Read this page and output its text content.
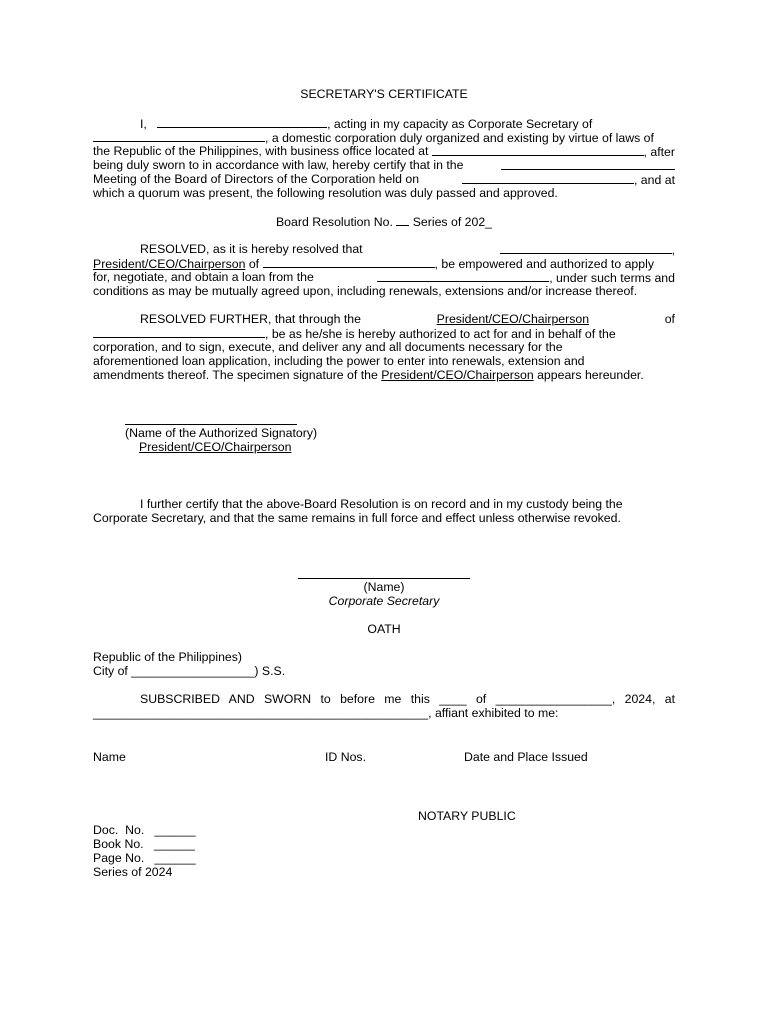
SECRETARY'S CERTIFICATE
I,	, acting in my capacity as Corporate Secretary of
, a domestic corporation duly organized and existing by virtue of laws of
the Republic of the Philippines, with business office located at	, after
being duly sworn to in accordance with law, hereby certify that in the
Meeting of the Board of Directors of the Corporation held on	, and at
which a quorum was present, the following resolution was duly passed and approved.
Board Resolution No. Series of 202_
RESOLVED, as it is hereby resolved that	,
President/CEO/Chairperson of	, be empowered and authorized to apply
for, negotiate, and obtain a loan from the	, under such terms and
conditions as may be mutually agreed upon, including renewals, extensions and/or increase thereof.
RESOLVED FURTHER, that through the	President/CEO/Chairperson	of
, be as he/she is hereby authorized to act for and in behalf of the
corporation, and to sign, execute, and deliver any and all documents necessary for the
aforementioned loan application, including the power to enter into renewals, extension and
amendments thereof. The specimen signature of the President/CEO/Chairperson appears hereunder.
(Name of the Authorized Signatory)
President/CEO/Chairperson
I further certify that the above-Board Resolution is on record and in my custody being the
Corporate Secretary, and that the same remains in full force and effect unless otherwise revoked.
(Name)
Corporate Secretary
OATH
Republic of the Philippines)
City of __________________) S.S.
SUBSCRIBED AND SWORN to before me this ____ of _________________, 2024, at
_________________________________________________, affiant exhibited to me:
Name	ID Nos.	Date and Place Issued
NOTARY PUBLIC
Doc.  No.   ______
Book No.   ______
Page No.   ______
Series of 2024
